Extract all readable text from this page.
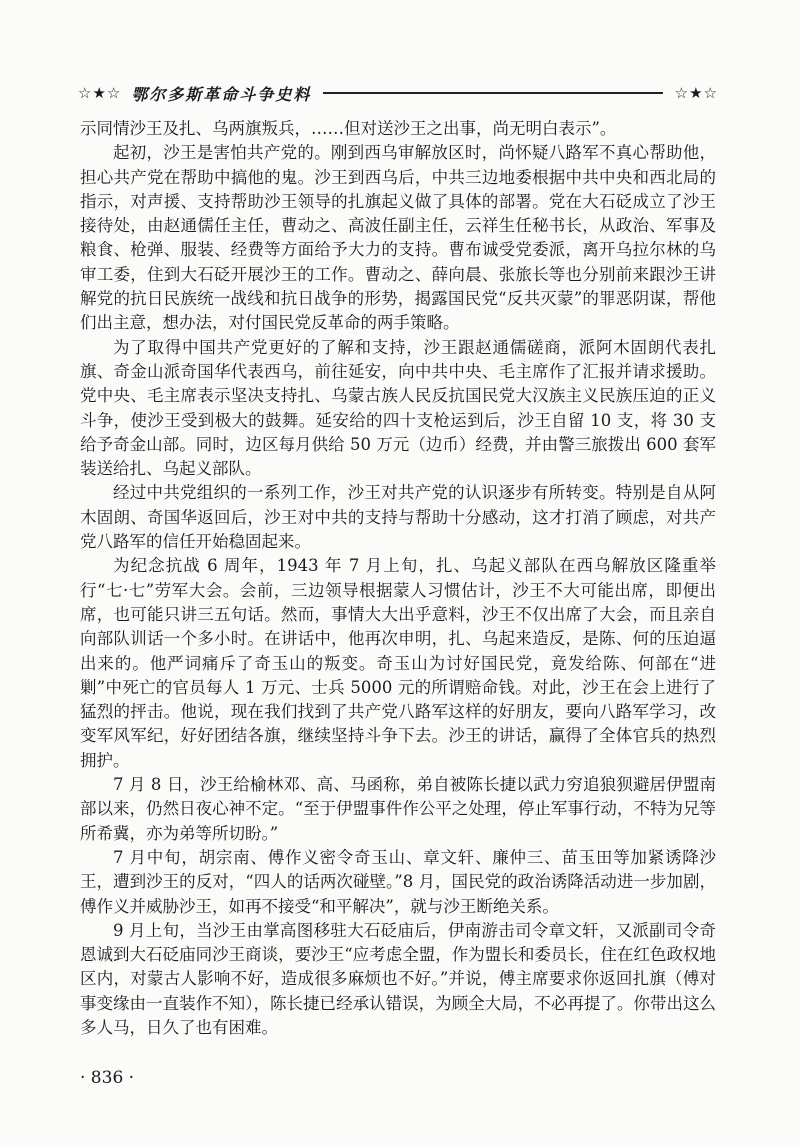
☆★☆ 鄂尔多斯革命斗争史料	☆★☆

示同情沙王及扎、乌两旗叛兵，……但对送沙王之出事，尚无明白表示”。

起初，沙王是害怕共产党的。刚到西乌审解放区时，尚怀疑八路军不真心帮助他，担心共产党在帮助中搞他的鬼。沙王到西乌后，中共三边地委根据中共中央和西北局的指示，对声援、支持帮助沙王领导的扎旗起义做了具体的部署。党在大石砭成立了沙王接待处，由赵通儒任主任，曹动之、高波任副主任，云祥生任秘书长，从政治、军事及粮食、枪弹、服装、经费等方面给予大力的支持。曹布诚受党委派，离开乌拉尔林的乌审工委，住到大石砭开展沙王的工作。曹动之、薛向晨、张旅长等也分别前来跟沙王讲解党的抗日民族统一战线和抗日战争的形势，揭露国民党“反共灭蒙”的罪恶阴谋，帮他们出主意，想办法，对付国民党反革命的两手策略。

为了取得中国共产党更好的了解和支持，沙王跟赵通儒磋商，派阿木固朗代表扎旗、奇金山派奇国华代表西乌，前往延安，向中共中央、毛主席作了汇报并请求援助。党中央、毛主席表示坚决支持扎、乌蒙古族人民反抗国民党大汉族主义民族压迫的正义斗争，使沙王受到极大的鼓舞。延安给的四十支枪运到后，沙王自留 10 支，将 30 支给予奇金山部。同时，边区每月供给 50 万元（边币）经费，并由警三旅拨出 600 套军装送给扎、乌起义部队。

经过中共党组织的一系列工作，沙王对共产党的认识逐步有所转变。特别是自从阿木固朗、奇国华返回后，沙王对中共的支持与帮助十分感动，这才打消了顾虑，对共产党八路军的信任开始稳固起来。

为纪念抗战 6 周年，1943 年 7 月上旬，扎、乌起义部队在西乌解放区隆重举行“七·七”劳军大会。会前，三边领导根据蒙人习惯估计，沙王不大可能出席，即便出席，也可能只讲三五句话。然而，事情大大出乎意料，沙王不仅出席了大会，而且亲自向部队训话一个多小时。在讲话中，他再次申明，扎、乌起来造反，是陈、何的压迫逼出来的。他严词痛斥了奇玉山的叛变。奇玉山为讨好国民党，竟发给陈、何部在“进剿”中死亡的官员每人 1 万元、士兵 5000 元的所谓赔命钱。对此，沙王在会上进行了猛烈的抨击。他说，现在我们找到了共产党八路军这样的好朋友，要向八路军学习，改变军风军纪，好好团结各旗，继续坚持斗争下去。沙王的讲话，赢得了全体官兵的热烈拥护。

7 月 8 日，沙王给榆林邓、高、马函称，弟自被陈长捷以武力穷追狼狈避居伊盟南部以来，仍然日夜心神不定。“至于伊盟事件作公平之处理，停止军事行动，不特为兄等所希冀，亦为弟等所切盼。”

7 月中旬，胡宗南、傅作义密令奇玉山、章文轩、廉仲三、苗玉田等加紧诱降沙王，遭到沙王的反对，“四人的话两次碰壁。”8 月，国民党的政治诱降活动进一步加剧，傅作义并威胁沙王，如再不接受“和平解决”，就与沙王断绝关系。

9 月上旬，当沙王由掌高图移驻大石砭庙后，伊南游击司令章文轩，又派副司令奇恩诚到大石砭庙同沙王商谈，要沙王“应考虑全盟，作为盟长和委员长，住在红色政权地区内，对蒙古人影响不好，造成很多麻烦也不好。”并说，傅主席要求你返回扎旗（傅对事变缘由一直装作不知），陈长捷已经承认错误，为顾全大局，不必再提了。你带出这么多人马，日久了也有困难。

· 836 ·
